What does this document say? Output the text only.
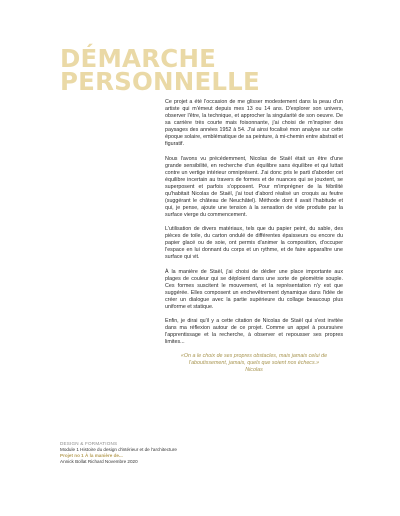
DÉMARCHE
PERSONNELLE

Ce projet a été l'occasion de me glisser modestement dans la peau d'un artiste qui m'émeut depuis mes 13 ou 14 ans. D'explorer son univers, observer l'être, la technique, et approcher la singularité de son oeuvre. De sa carrière très courte mais foisonnante, j'ai choisi de m'inspirer des paysages des années 1952 à 54. J'ai ainsi focalisé mon analyse sur cette époque solaire, emblématique de sa peinture, à mi-chemin entre abstrait et figuratif.

Nous l'avons vu précédemment, Nicolas de Staël était un être d'une grande sensibilité, en recherche d'un équilibre sans équilibre et qui luttait contre un vertige intérieur omniprésent. J'ai donc pris le parti d'aborder cet équilibre incertain au travers de formes et de nuances qui se jouxtent, se superposent et parfois s'opposent. Pour m'imprégner de la fébrilité qu'habitait Nicolas de Staël, j'ai tout d'abord réalisé un croquis au feutre (suggérant le château de Neuchâtel). Méthode dont il avait l'habitude et qui, je pense, ajoute une tension à la sensation de vide produite par la surface vierge du commencement.

L'utilisation de divers matériaux, tels que du papier peint, du sable, des pièces de toile, du carton ondulé de différentes épaisseurs ou encore du papier glacé ou de soie, ont permis d'animer la composition, d'occuper l'espace en lui donnant du corps et un rythme, et de faire apparaître une surface qui vit.

À la manière de Staël, j'ai choisi de dédier une place importante aux plages de couleur qui se déploient dans une sorte de géométrie souple. Ces formes suscitent le mouvement, et la représentation n'y est que suggérée. Elles composent un enchevêtrement dynamique dans l'idée de créer un dialogue avec la partie supérieure du collage beaucoup plus uniforme et statique.

Enfin, je dirai qu'il y a cette citation de Nicolas de Staël qui s'est invitée dans ma réflexion autour de ce projet. Comme un appel à poursuivre l'apprentissage et la recherche, à observer et repousser ses propres limites...

«On a le choix de ses propres obstacles, mais jamais celui de l'aboutissement, jamais, quels que soient nos échecs.»
Nicolas
DESIGN & FORMATIONS
Module 1 Histoire du design d'intérieur et de l'architecture
Projet no 1 À la manière de...
Annick Bollat Richard Novembre 2020
